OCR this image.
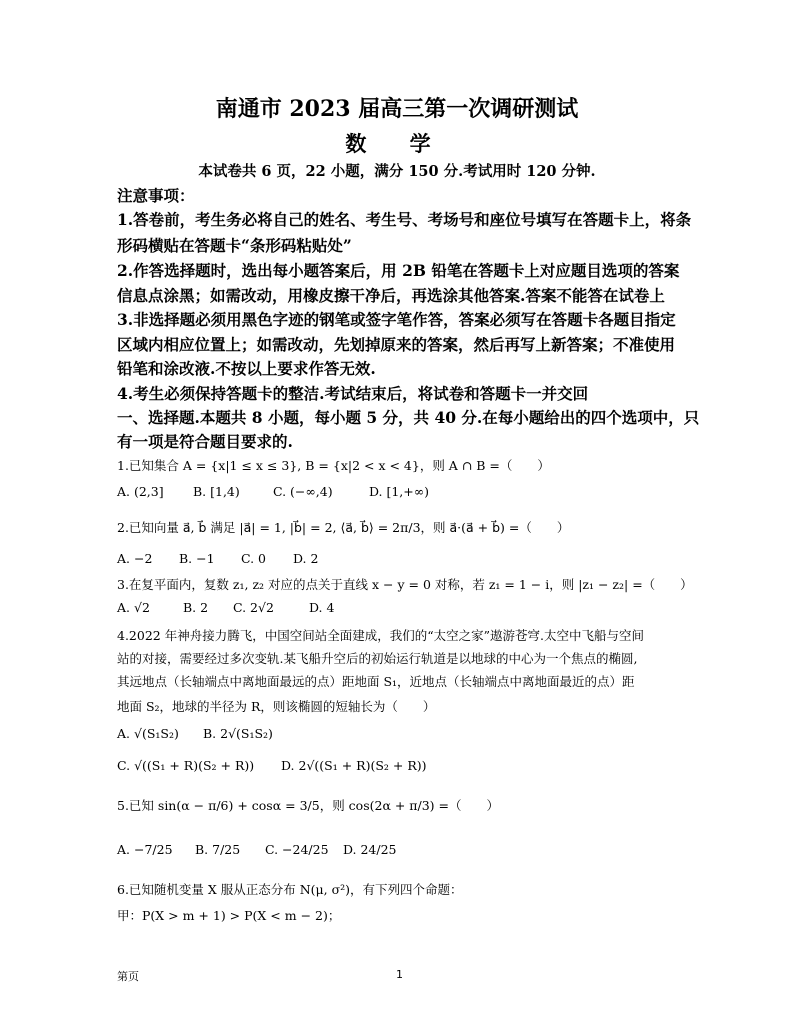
南通市 2023 届高三第一次调研测试
数 学
本试卷共 6 页，22 小题，满分 150 分.考试用时 120 分钟.
注意事项：
1.答卷前，考生务必将自己的姓名、考生号、考场号和座位号填写在答题卡上，将条
形码横贴在答题卡“条形码粘贴处”
2.作答选择题时，选出每小题答案后，用 2B 铅笔在答题卡上对应题目选项的答案
信息点涂黑；如需改动，用橡皮擦干净后，再选涂其他答案.答案不能答在试卷上
3.非选择题必须用黑色字迹的钢笔或签字笔作答，答案必须写在答题卡各题目指定
区域内相应位置上；如需改动，先划掉原来的答案，然后再写上新答案；不准使用
铅笔和涂改液.不按以上要求作答无效.
4.考生必须保持答题卡的整洁.考试结束后，将试卷和答题卡一并交回
一、选择题.本题共 8 小题，每小题 5 分，共 40 分.在每小题给出的四个选项中，只
有一项是符合题目要求的.
1.已知集合 A = {x|1 ≤ x ≤ 3}, B = {x|2 < x < 4}，则 A ∩ B =（　　）
A. (2,3] B. [1,4)	C. (−∞,4)	D. [1,+∞)
2.已知向量 a⃗, b⃗ 满足 |a⃗| = 1, |b⃗| = 2, ⟨a⃗, b⃗⟩ = 2π/3，则 a⃗·(a⃗ + b⃗) =（　　）
A. −2 B. −1 C. 0 D. 2
3.在复平面内，复数 z₁, z₂ 对应的点关于直线 x − y = 0 对称，若 z₁ = 1 − i，则 |z₁ − z₂| =（　　）
A. √2	B. 2 C. 2√2	D. 4
4.2022 年神舟接力腾飞，中国空间站全面建成，我们的“太空之家”遨游苍穹.太空中飞船与空间
站的对接，需要经过多次变轨.某飞船升空后的初始运行轨道是以地球的中心为一个焦点的椭圆,
其远地点（长轴端点中离地面最远的点）距地面 S₁，近地点（长轴端点中离地面最近的点）距
地面 S₂，地球的半径为 R，则该椭圆的短轴长为（　　）
A. √(S₁S₂) B. 2√(S₁S₂)
C. √((S₁ + R)(S₂ + R)) D. 2√((S₁ + R)(S₂ + R))
5.已知 sin(α − π/6) + cosα = 3/5，则 cos(2α + π/3) =（　　）
A. −7/25 B. 7/25 C. −24/25 D. 24/25
6.已知随机变量 X 服从正态分布 N(μ, σ²)，有下列四个命题：
甲：P(X > m + 1) > P(X < m − 2)；
第页	1
